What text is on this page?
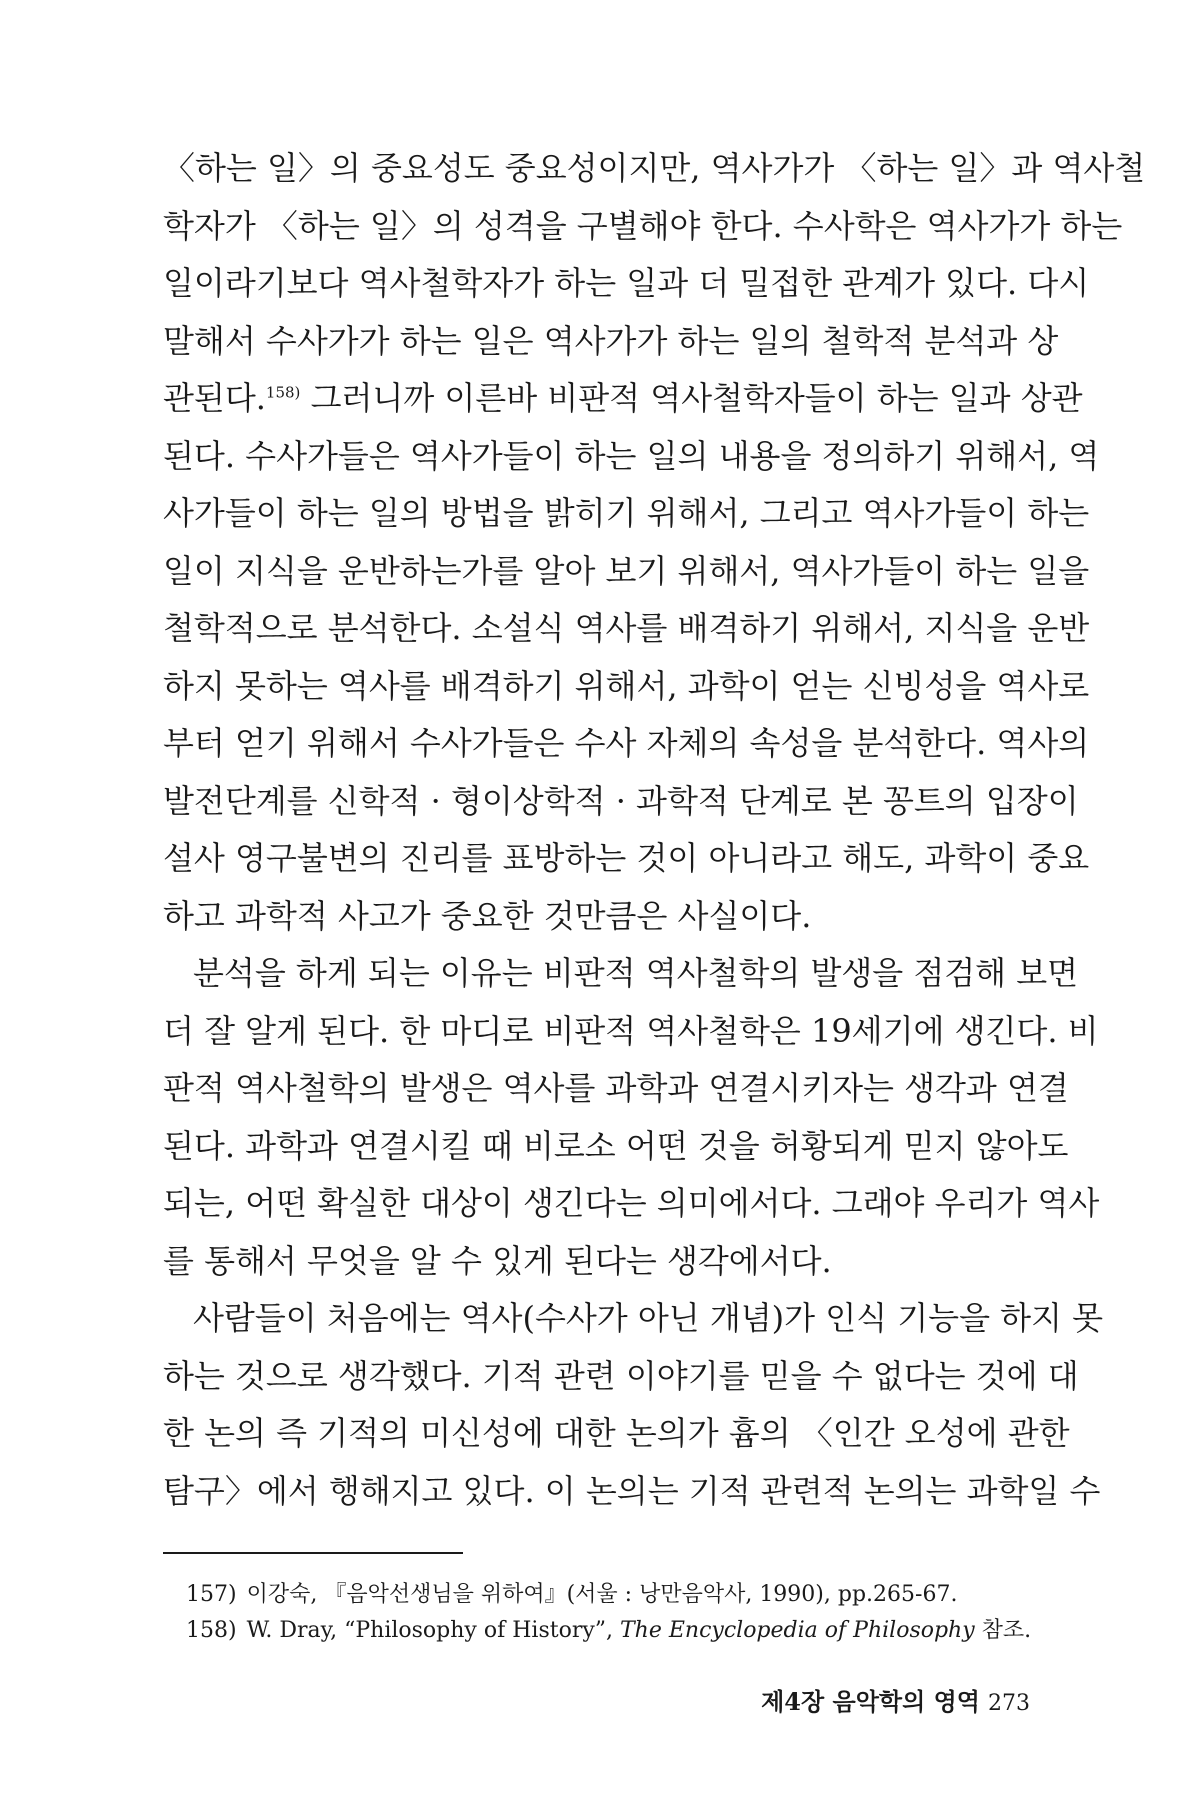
〈하는 일〉의 중요성도 중요성이지만, 역사가가 〈하는 일〉과 역사철
학자가 〈하는 일〉의 성격을 구별해야 한다. 수사학은 역사가가 하는
일이라기보다 역사철학자가 하는 일과 더 밀접한 관계가 있다. 다시
말해서 수사가가 하는 일은 역사가가 하는 일의 철학적 분석과 상
관된다.$^{158)}$ 그러니까 이른바 비판적 역사철학자들이 하는 일과 상관
된다. 수사가들은 역사가들이 하는 일의 내용을 정의하기 위해서, 역
사가들이 하는 일의 방법을 밝히기 위해서, 그리고 역사가들이 하는
일이 지식을 운반하는가를 알아 보기 위해서, 역사가들이 하는 일을
철학적으로 분석한다. 소설식 역사를 배격하기 위해서, 지식을 운반
하지 못하는 역사를 배격하기 위해서, 과학이 얻는 신빙성을 역사로
부터 얻기 위해서 수사가들은 수사 자체의 속성을 분석한다. 역사의
발전단계를 신학적 · 형이상학적 · 과학적 단계로 본 꽁트의 입장이
설사 영구불변의 진리를 표방하는 것이 아니라고 해도, 과학이 중요
하고 과학적 사고가 중요한 것만큼은 사실이다.
분석을 하게 되는 이유는 비판적 역사철학의 발생을 점검해 보면
더 잘 알게 된다. 한 마디로 비판적 역사철학은 19세기에 생긴다. 비
판적 역사철학의 발생은 역사를 과학과 연결시키자는 생각과 연결
된다. 과학과 연결시킬 때 비로소 어떤 것을 허황되게 믿지 않아도
되는, 어떤 확실한 대상이 생긴다는 의미에서다. 그래야 우리가 역사
를 통해서 무엇을 알 수 있게 된다는 생각에서다.
사람들이 처음에는 역사(수사가 아닌 개념)가 인식 기능을 하지 못
하는 것으로 생각했다. 기적 관련 이야기를 믿을 수 없다는 것에 대
한 논의 즉 기적의 미신성에 대한 논의가 흄의 〈인간 오성에 관한
탐구〉에서 행해지고 있다. 이 논의는 기적 관련적 논의는 과학일 수
157) 이강숙, 『음악선생님을 위하여』(서울 : 낭만음악사, 1990), pp.265-67.
158) W. Dray, “Philosophy of History”, The Encyclopedia of Philosophy 참조.
제4장 음악학의 영역 273
